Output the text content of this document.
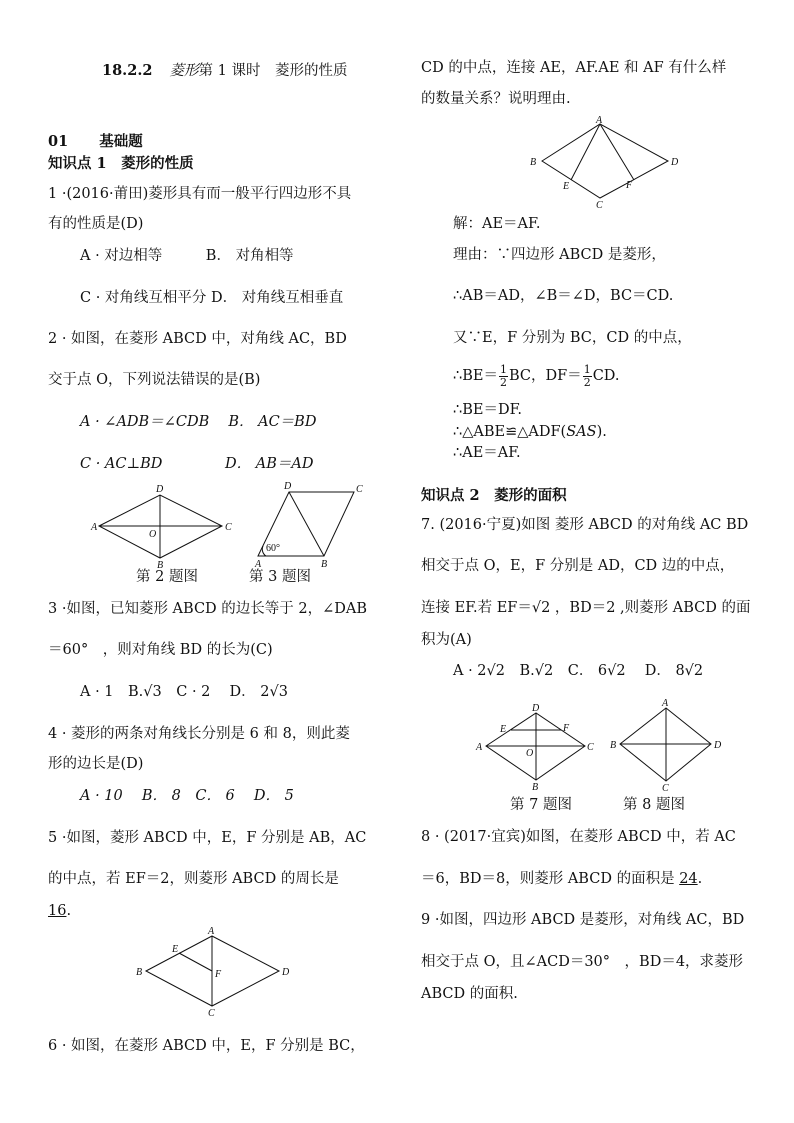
18.2.2 菱形第 1 课时　菱形的性质
01 基础题
知识点 1　菱形的性质
1 ·(2016·莆田)菱形具有而一般平行四边形不具
有的性质是(D)
A · 对边相等　　　B． 对角相等
C · 对角线互相平分 D． 对角线互相垂直
2 · 如图，在菱形 ABCD 中，对角线 AC，BD
交于点 O，下列说法错误的是(B)
A · ∠ADB＝∠CDB　 B． AC＝BD
C · AC⊥BD　　　　 D． AB＝AD
A
D
C
B
O
D	C
A	B
60°
第 2 题图	第 3 题图
3 ·如图，已知菱形 ABCD 的边长等于 2，∠DAB
＝60°　，则对角线 BD 的长为(C)
A · 1　B.√3　C · 2　 D． 2√3
4 · 菱形的两条对角线长分别是 6 和 8，则此菱
形的边长是(D)
A · 10　 B． 8　C． 6　 D． 5
5 ·如图，菱形 ABCD 中，E，F 分别是 AB，AC
的中点，若 EF＝2，则菱形 ABCD 的周长是
16.
B
A
D
C
E
F
6 · 如图，在菱形 ABCD 中，E，F 分别是 BC，
CD 的中点，连接 AE，AF.AE 和 AF 有什么样
的数量关系？说明理由.
B
A
D
C
E	F
解：AE＝AF.
理由：∵四边形 ABCD 是菱形，
∴AB＝AD，∠B＝∠D，BC＝CD.
又∵E，F 分别为 BC，CD 的中点，
∴BE＝ $\frac{1}{2}$ BC，$DF= \frac{1}{2}$ CD.
∴BE＝DF.
∴△ABE≌△ADF(SAS).
∴AE＝AF.
知识点 2　菱形的面积
7. (2016·宁夏)如图 菱形 ABCD 的对角线 AC BD
相交于点 O，E，F 分别是 AD，CD 边的中点，
连接 EF.若 EF＝√2 ，BD＝2 ,则菱形 ABCD 的面
积为(A)
A · 2√2　B.√2　C． 6√2　 D． 8√2
A
D
C
B
E	F
O
B
A
D
C
第 7 题图	第 8 题图
8 · (2017·宜宾)如图，在菱形 ABCD 中，若 AC
＝6，BD＝8，则菱形 ABCD 的面积是 24.
9 ·如图，四边形 ABCD 是菱形，对角线 AC，BD
相交于点 O，且∠ACD＝30°　，BD＝4，求菱形
ABCD 的面积.
